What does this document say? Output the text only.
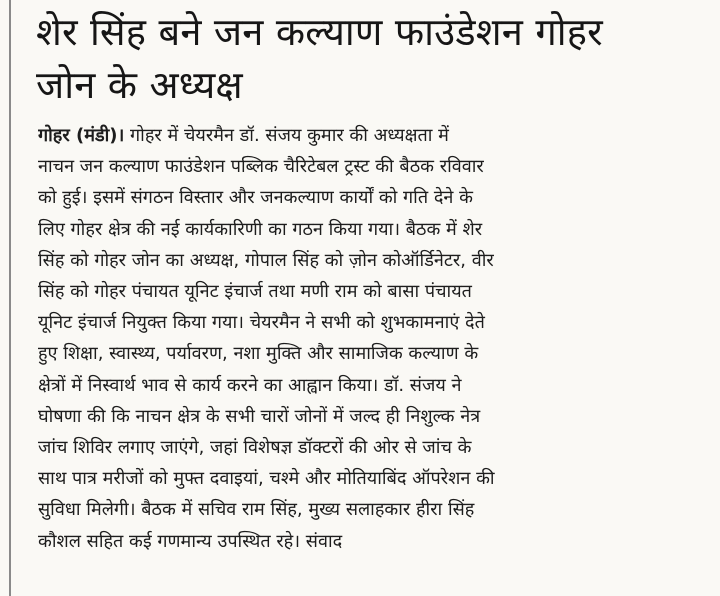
शेर सिंह बने जन कल्याण फाउंडेशन गोहर
जोन के अध्यक्ष
गोहर (मंडी)। गोहर में चेयरमैन डॉ. संजय कुमार की अध्यक्षता में
नाचन जन कल्याण फाउंडेशन पब्लिक चैरिटेबल ट्रस्ट की बैठक रविवार
को हुई। इसमें संगठन विस्तार और जनकल्याण कार्यों को गति देने के
लिए गोहर क्षेत्र की नई कार्यकारिणी का गठन किया गया। बैठक में शेर
सिंह को गोहर जोन का अध्यक्ष, गोपाल सिंह को ज़ोन कोऑर्डिनेटर, वीर
सिंह को गोहर पंचायत यूनिट इंचार्ज तथा मणी राम को बासा पंचायत
यूनिट इंचार्ज नियुक्त किया गया। चेयरमैन ने सभी को शुभकामनाएं देते
हुए शिक्षा, स्वास्थ्य, पर्यावरण, नशा मुक्ति और सामाजिक कल्याण के
क्षेत्रों में निस्वार्थ भाव से कार्य करने का आह्वान किया। डॉ. संजय ने
घोषणा की कि नाचन क्षेत्र के सभी चारों जोनों में जल्द ही निशुल्क नेत्र
जांच शिविर लगाए जाएंगे, जहां विशेषज्ञ डॉक्टरों की ओर से जांच के
साथ पात्र मरीजों को मुफ्त दवाइयां, चश्मे और मोतियाबिंद ऑपरेशन की
सुविधा मिलेगी। बैठक में सचिव राम सिंह, मुख्य सलाहकार हीरा सिंह
कौशल सहित कई गणमान्य उपस्थित रहे। संवाद
